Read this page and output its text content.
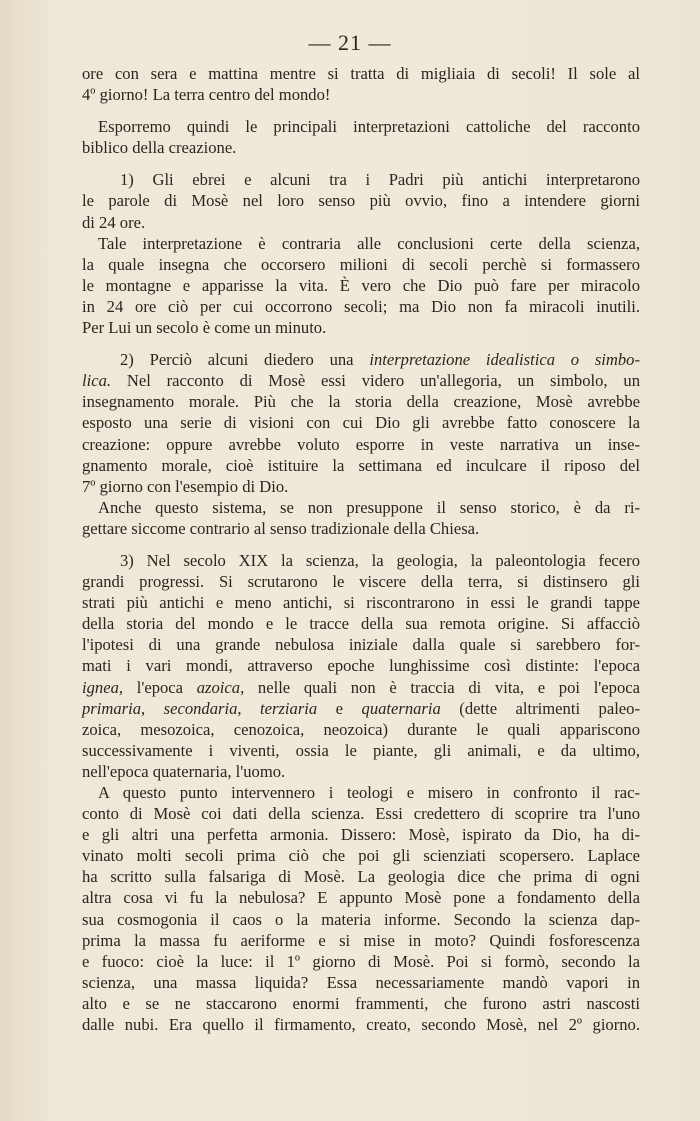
— 21 —
ore con sera e mattina mentre si tratta di migliaia di secoli! Il sole al
4º giorno! La terra centro del mondo!
Esporremo quindi le principali interpretazioni cattoliche del racconto
biblico della creazione.
1) Gli ebrei e alcuni tra i Padri più antichi interpretarono
le parole di Mosè nel loro senso più ovvio, fino a intendere giorni
di 24 ore.
Tale interpretazione è contraria alle conclusioni certe della scienza,
la quale insegna che occorsero milioni di secoli perchè si formassero
le montagne e apparisse la vita. È vero che Dio può fare per miracolo
in 24 ore ciò per cui occorrono secoli; ma Dio non fa miracoli inutili.
Per Lui un secolo è come un minuto.
2) Perciò alcuni diedero una interpretazione idealistica o simbo-
lica. Nel racconto di Mosè essi videro un'allegoria, un simbolo, un
insegnamento morale. Più che la storia della creazione, Mosè avrebbe
esposto una serie di visioni con cui Dio gli avrebbe fatto conoscere la
creazione: oppure avrebbe voluto esporre in veste narrativa un inse-
gnamento morale, cioè istituire la settimana ed inculcare il riposo del
7º giorno con l'esempio di Dio.
Anche questo sistema, se non presuppone il senso storico, è da ri-
gettare siccome contrario al senso tradizionale della Chiesa.
3) Nel secolo XIX la scienza, la geologia, la paleontologia fecero
grandi progressi. Si scrutarono le viscere della terra, si distinsero gli
strati più antichi e meno antichi, si riscontrarono in essi le grandi tappe
della storia del mondo e le tracce della sua remota origine. Si affacciò
l'ipotesi di una grande nebulosa iniziale dalla quale si sarebbero for-
mati i vari mondi, attraverso epoche lunghissime così distinte: l'epoca
ignea, l'epoca azoica, nelle quali non è traccia di vita, e poi l'epoca
primaria, secondaria, terziaria e quaternaria (dette altrimenti paleo-
zoica, mesozoica, cenozoica, neozoica) durante le quali appariscono
successivamente i viventi, ossia le piante, gli animali, e da ultimo,
nell'epoca quaternaria, l'uomo.
A questo punto intervennero i teologi e misero in confronto il rac-
conto di Mosè coi dati della scienza. Essi credettero di scoprire tra l'uno
e gli altri una perfetta armonia. Dissero: Mosè, ispirato da Dio, ha di-
vinato molti secoli prima ciò che poi gli scienziati scopersero. Laplace
ha scritto sulla falsariga di Mosè. La geologia dice che prima di ogni
altra cosa vi fu la nebulosa? E appunto Mosè pone a fondamento della
sua cosmogonia il caos o la materia informe. Secondo la scienza dap-
prima la massa fu aeriforme e si mise in moto? Quindi fosforescenza
e fuoco: cioè la luce: il 1º giorno di Mosè. Poi si formò, secondo la
scienza, una massa liquida? Essa necessariamente mandò vapori in
alto e se ne staccarono enormi frammenti, che furono astri nascosti
dalle nubi. Era quello il firmamento, creato, secondo Mosè, nel 2º giorno.
